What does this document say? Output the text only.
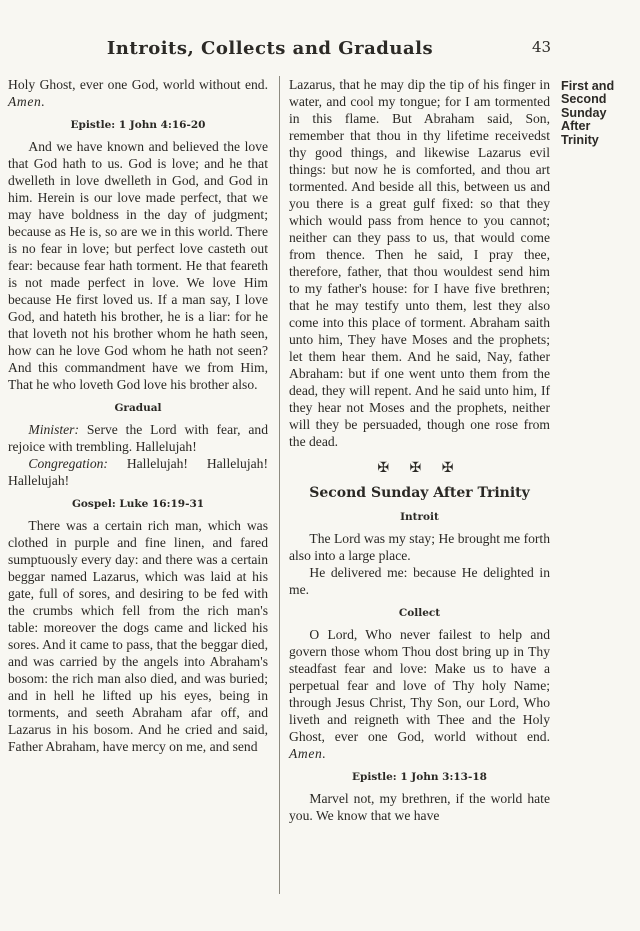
Introits, Collects and Graduals	43

Holy Ghost, ever one God, world without end. Amen.

Epistle: 1 John 4:16-20

And we have known and believed the love that God hath to us. God is love; and he that dwelleth in love dwelleth in God, and God in him. Herein is our love made perfect, that we may have boldness in the day of judgment; because as He is, so are we in this world. There is no fear in love; but perfect love casteth out fear: because fear hath torment. He that feareth is not made perfect in love. We love Him because He first loved us. If a man say, I love God, and hateth his brother, he is a liar: for he that loveth not his brother whom he hath seen, how can he love God whom he hath not seen? And this commandment have we from Him, That he who loveth God love his brother also.

Gradual

Minister: Serve the Lord with fear, and rejoice with trembling. Hallelujah!

Congregation: Hallelujah! Hallelujah! Hallelujah!

Gospel: Luke 16:19-31

There was a certain rich man, which was clothed in purple and fine linen, and fared sumptuously every day: and there was a certain beggar named Lazarus, which was laid at his gate, full of sores, and desiring to be fed with the crumbs which fell from the rich man's table: moreover the dogs came and licked his sores. And it came to pass, that the beggar died, and was carried by the angels into Abraham's bosom: the rich man also died, and was buried; and in hell he lifted up his eyes, being in torments, and seeth Abraham afar off, and Lazarus in his bosom. And he cried and said, Father Abraham, have mercy on me, and send

Lazarus, that he may dip the tip of his finger in water, and cool my tongue; for I am tormented in this flame. But Abraham said, Son, remember that thou in thy lifetime receivedst thy good things, and likewise Lazarus evil things: but now he is comforted, and thou art tormented. And beside all this, between us and you there is a great gulf fixed: so that they which would pass from hence to you cannot; neither can they pass to us, that would come from thence. Then he said, I pray thee, therefore, father, that thou wouldest send him to my father's house: for I have five brethren; that he may testify unto them, lest they also come into this place of torment. Abraham saith unto him, They have Moses and the prophets; let them hear them. And he said, Nay, father Abraham: but if one went unto them from the dead, they will repent. And he said unto him, If they hear not Moses and the prophets, neither will they be persuaded, though one rose from the dead.

✠ ✠ ✠
Second Sunday After Trinity
Introit

The Lord was my stay; He brought me forth also into a large place.

He delivered me: because He delighted in me.

Collect

O Lord, Who never failest to help and govern those whom Thou dost bring up in Thy steadfast fear and love: Make us to have a perpetual fear and love of Thy holy Name; through Jesus Christ, Thy Son, our Lord, Who liveth and reigneth with Thee and the Holy Ghost, ever one God, world without end. Amen.

Epistle: 1 John 3:13-18

Marvel not, my brethren, if the world hate you. We know that we have

First and
Second
Sunday
After
Trinity
